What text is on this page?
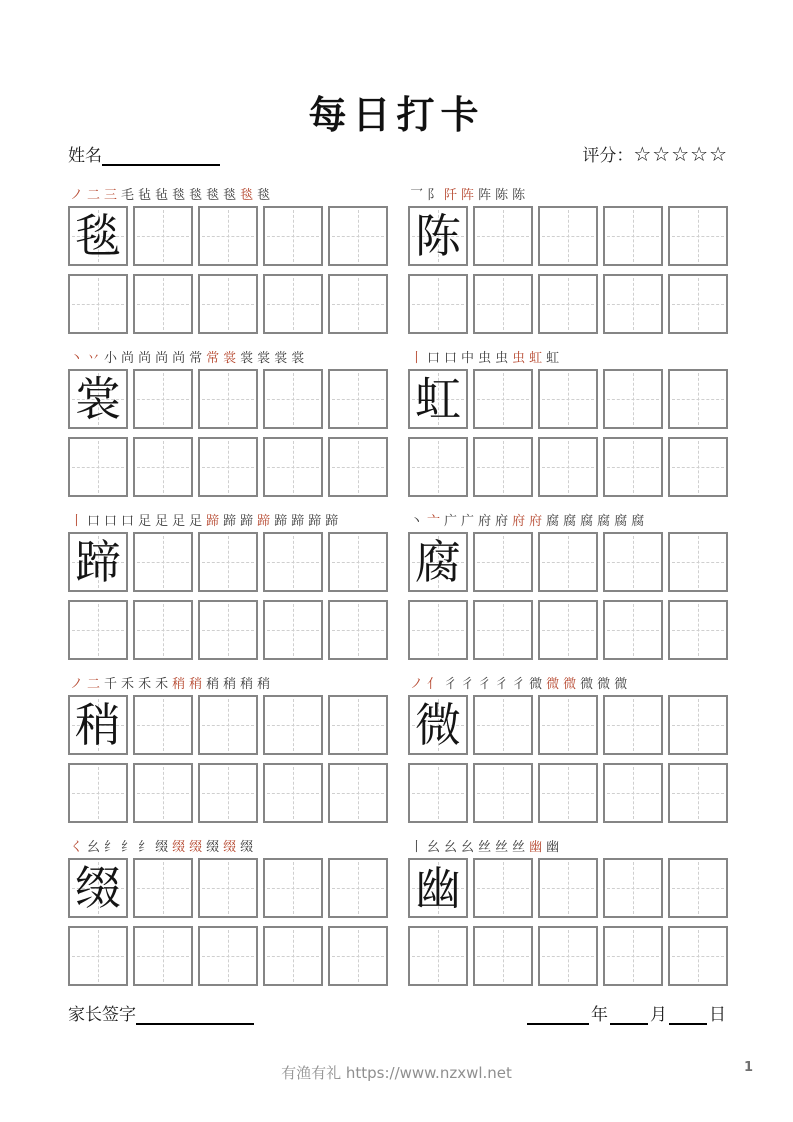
每日打卡
姓名	评分： ☆☆☆☆☆
ノ 二 三 毛 毡 毡 毯 毯 毯 毯 毯 毯
毯
乛 阝 阡 阵 阵 陈 陈
陈
丶 丷 小 尚 尚 尚 尚 常 常 裳 裳 裳 裳 裳
裳
丨 口 口 中 虫 虫 虫 虹 虹
虹
丨 口 口 口 足 足 足 足 蹄 蹄 蹄 蹄 蹄 蹄 蹄 蹄
蹄
丶 亠 广 广 府 府 府 府 腐 腐 腐 腐 腐 腐
腐
ノ 二 千 禾 禾 禾 稍 稍 稍 稍 稍 稍
稍
ノ 亻 彳 彳 彳 彳 彳 微 微 微 微 微 微
微
く 幺 纟 纟 纟 缀 缀 缀 缀 缀 缀
缀
丨 幺 幺 幺 丝 丝 丝 幽 幽
幽
家长签字	年 月 日
有渔有礼 https://www.nzxwl.net	1
